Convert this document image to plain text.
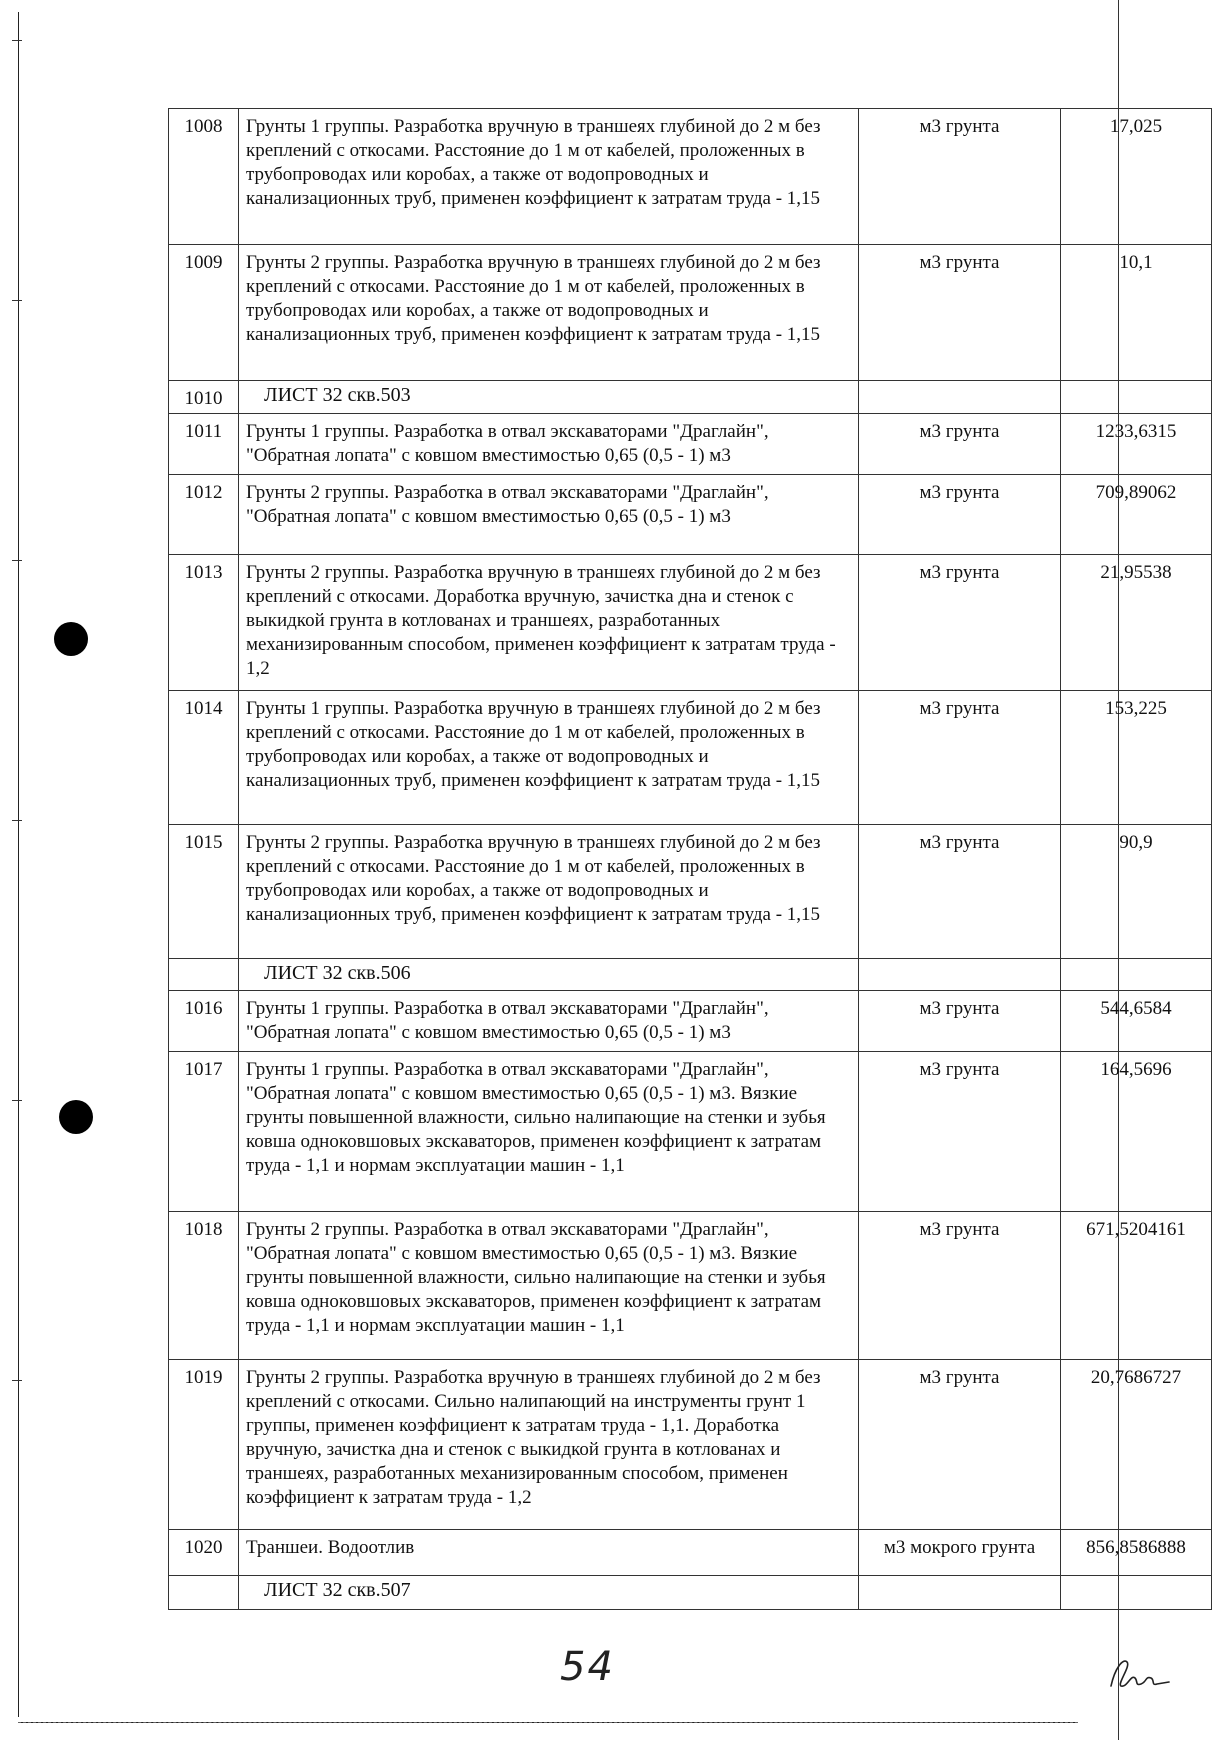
1008	Грунты 1 группы. Разработка вручную в траншеях глубиной до 2 м без креплений с откосами. Расстояние до 1 м от кабелей, проложенных в трубопроводах или коробах, а также от водопроводных и канализационных труб, применен коэффициент к затратам труда - 1,15	м3 грунта	17,025
1009	Грунты 2 группы. Разработка вручную в траншеях глубиной до 2 м без креплений с откосами. Расстояние до 1 м от кабелей, проложенных в трубопроводах или коробах, а также от водопроводных и канализационных труб, применен коэффициент к затратам труда - 1,15	м3 грунта	10,1
1010	ЛИСТ 32 скв.503		
1011	Грунты 1 группы. Разработка в отвал экскаваторами "Драглайн", "Обратная лопата" с ковшом вместимостью 0,65 (0,5 - 1) м3	м3 грунта	1233,6315
1012	Грунты 2 группы. Разработка в отвал экскаваторами "Драглайн", "Обратная лопата" с ковшом вместимостью 0,65 (0,5 - 1) м3	м3 грунта	709,89062
1013	Грунты 2 группы. Разработка вручную в траншеях глубиной до 2 м без креплений с откосами. Доработка вручную, зачистка дна и стенок с выкидкой грунта в котлованах и траншеях, разработанных механизированным способом, применен коэффициент к затратам труда - 1,2	м3 грунта	21,95538
1014	Грунты 1 группы. Разработка вручную в траншеях глубиной до 2 м без креплений с откосами. Расстояние до 1 м от кабелей, проложенных в трубопроводах или коробах, а также от водопроводных и канализационных труб, применен коэффициент к затратам труда - 1,15	м3 грунта	153,225
1015	Грунты 2 группы. Разработка вручную в траншеях глубиной до 2 м без креплений с откосами. Расстояние до 1 м от кабелей, проложенных в трубопроводах или коробах, а также от водопроводных и канализационных труб, применен коэффициент к затратам труда - 1,15	м3 грунта	90,9
	ЛИСТ 32 скв.506		
1016	Грунты 1 группы. Разработка в отвал экскаваторами "Драглайн", "Обратная лопата" с ковшом вместимостью 0,65 (0,5 - 1) м3	м3 грунта	544,6584
1017	Грунты 1 группы. Разработка в отвал экскаваторами "Драглайн", "Обратная лопата" с ковшом вместимостью 0,65 (0,5 - 1) м3. Вязкие грунты повышенной влажности, сильно налипающие на стенки и зубья ковша одноковшовых экскаваторов, применен коэффициент к затратам труда - 1,1 и нормам эксплуатации машин - 1,1	м3 грунта	164,5696
1018	Грунты 2 группы. Разработка в отвал экскаваторами "Драглайн", "Обратная лопата" с ковшом вместимостью 0,65 (0,5 - 1) м3. Вязкие грунты повышенной влажности, сильно налипающие на стенки и зубья ковша одноковшовых экскаваторов, применен коэффициент к затратам труда - 1,1 и нормам эксплуатации машин - 1,1	м3 грунта	671,5204161
1019	Грунты 2 группы. Разработка вручную в траншеях глубиной до 2 м без креплений с откосами. Сильно налипающий на инструменты грунт 1 группы, применен коэффициент к затратам труда - 1,1. Доработка вручную, зачистка дна и стенок с выкидкой грунта в котлованах и траншеях, разработанных механизированным способом, применен коэффициент к затратам труда - 1,2	м3 грунта	20,7686727
1020	Траншеи. Водоотлив	м3 мокрого грунта	856,8586888
	ЛИСТ 32 скв.507		
54
